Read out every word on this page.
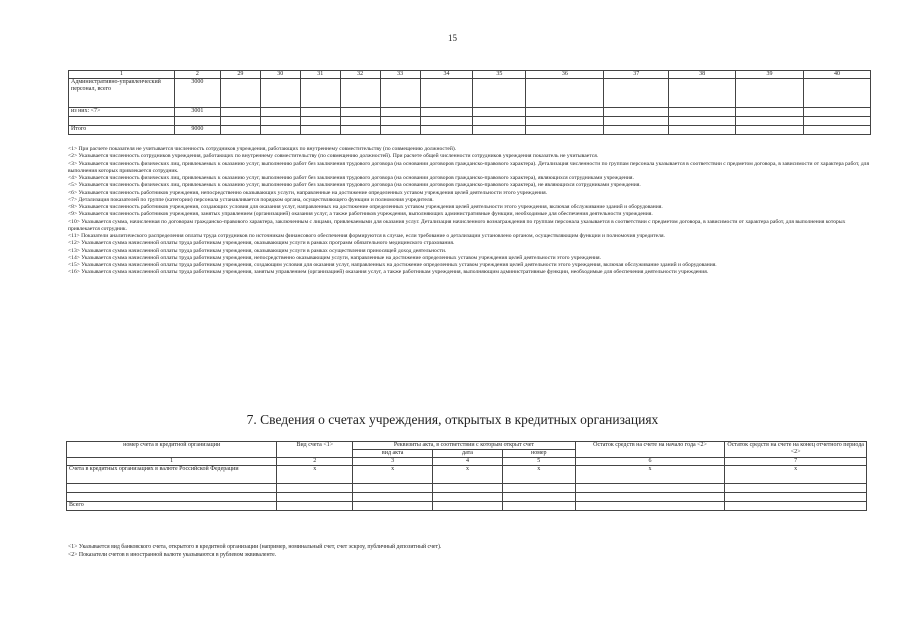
15
1	2	29	30	31	32	33	34	35	36	37	38	39	40
Административно-управленческий персонал, всего	3000												
из них: <7>	3001												

Итого	9000												

<1> При расчете показателя не учитывается численность сотрудников учреждения, работающих по внутреннему совместительству (по совмещению должностей).

<2> Указывается численность сотрудников учреждения, работающих по внутреннему совместительству (по совмещению должностей). При расчете общей численности сотрудников учреждения показатель не учитывается.

<3> Указывается численность физических лиц, привлекаемых к оказанию услуг, выполнению работ без заключения трудового договора (на основании договоров гражданско-правового характера). Детализация численности по группам персонала указывается в соответствии с предметом договора, в зависимости от характера работ, для выполнения которых привлекается сотрудник.

<4> Указывается численность физических лиц, привлекаемых к оказанию услуг, выполнению работ без заключения трудового договора (на основании договоров гражданско-правового характера), являющихся сотрудниками учреждения.

<5> Указывается численность физических лиц, привлекаемых к оказанию услуг, выполнению работ без заключения трудового договора (на основании договоров гражданско-правового характера), не являющихся сотрудниками учреждения.

<6> Указывается численность работников учреждения, непосредственно оказывающих услуги, направленные на достижение определенных уставом учреждения целей деятельности этого учреждения.

<7> Детализация показателей по группе (категории) персонала устанавливается порядком органа, осуществляющего функции и полномочия учредителя.

<8> Указывается численность работников учреждения, создающих условия для оказания услуг, направленных на достижение определенных уставом учреждения целей деятельности этого учреждения, включая обслуживание зданий и оборудования.

<9> Указывается численность работников учреждения, занятых управлением (организацией) оказания услуг, а также работников учреждения, выполняющих административные функции, необходимые для обеспечения деятельности учреждения.

<10> Указывается сумма, начисленная по договорам гражданско-правового характера, заключенным с лицами, привлекаемыми для оказания услуг. Детализация начисленного вознаграждения по группам персонала указывается в соответствии с предметом договора, в зависимости от характера работ, для выполнения которых привлекается сотрудник.

<11> Показатели аналитического распределения оплаты труда сотрудников по источникам финансового обеспечения формируются в случае, если требование о детализации установлено органом, осуществляющим функции и полномочия учредителя.

<12> Указывается сумма начисленной оплаты труда работникам учреждения, оказывающим услуги в рамках программ обязательного медицинского страхования.

<13> Указывается сумма начисленной оплаты труда работникам учреждения, оказывающим услуги в рамках осуществления приносящей доход деятельности.

<14> Указывается сумма начисленной оплаты труда работникам учреждения, непосредственно оказывающим услуги, направленные на достижение определенных уставом учреждения целей деятельности этого учреждения.

<15> Указывается сумма начисленной оплаты труда работникам учреждения, создающим условия для оказания услуг, направленных на достижение определенных уставом учреждения целей деятельности этого учреждения, включая обслуживание зданий и оборудования.

<16> Указывается сумма начисленной оплаты труда работникам учреждения, занятым управлением (организацией) оказания услуг, а также работникам учреждения, выполняющим административные функции, необходимые для обеспечения деятельности учреждения.

7. Сведения о счетах учреждения, открытых в кредитных организациях
номер счета в кредитной организации	Вид счета <1>	Реквизиты акта, в соответствии с которым открыт счет			Остаток средств на счете на начало года <2>	Остаток средств на счете на конец отчетного периода <2>
		вид акта	дата	номер		
1	2	3	4	5	6	7
Счета в кредитных организациях в валюте Российской Федерации	х	х	х	х	х	х

Всего						

<1> Указывается вид банковского счета, открытого в кредитной организации (например, номинальный счет, счет эскроу, публичный депозитный счет).

<2> Показатели счетов в иностранной валюте указываются в рублевом эквиваленте.
